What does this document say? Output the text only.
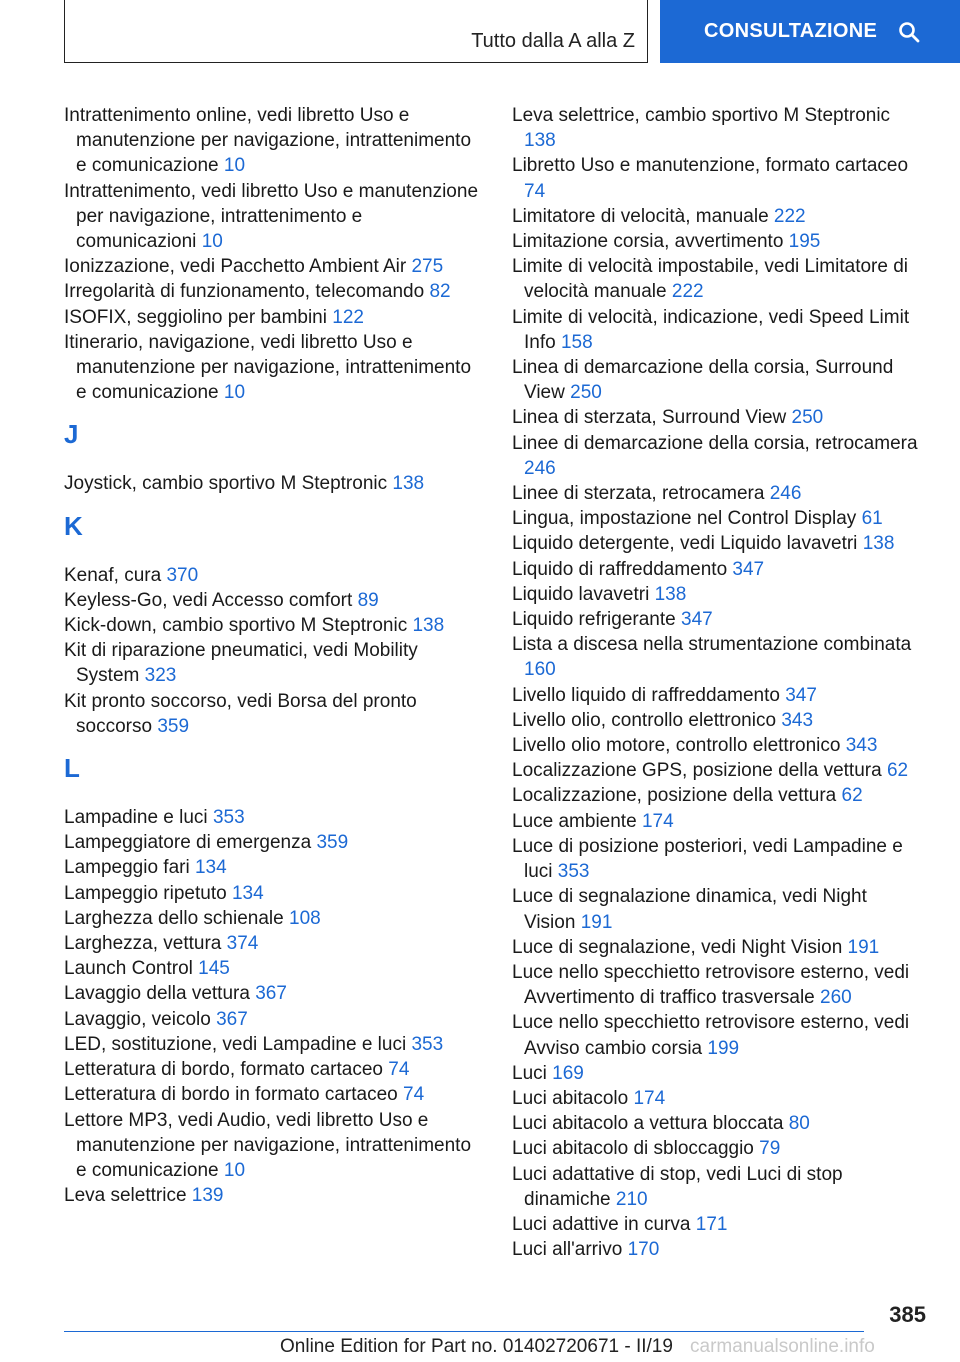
Tutto dalla A alla Z	CONSULTAZIONE
Intrattenimento online, vedi libretto Uso e manutenzione per navigazione, intrattenimento e comunicazione 10
Intrattenimento, vedi libretto Uso e manutenzione per navigazione, intrattenimento e comunicazioni 10
Ionizzazione, vedi Pacchetto Ambient Air 275
Irregolarità di funzionamento, telecomando 82
ISOFIX, seggiolino per bambini 122
Itinerario, navigazione, vedi libretto Uso e manutenzione per navigazione, intrattenimento e comunicazione 10
J
Joystick, cambio sportivo M Steptronic 138
K
Kenaf, cura 370
Keyless-Go, vedi Accesso comfort 89
Kick-down, cambio sportivo M Steptronic 138
Kit di riparazione pneumatici, vedi Mobility System 323
Kit pronto soccorso, vedi Borsa del pronto soccorso 359
L
Lampadine e luci 353
Lampeggiatore di emergenza 359
Lampeggio fari 134
Lampeggio ripetuto 134
Larghezza dello schienale 108
Larghezza, vettura 374
Launch Control 145
Lavaggio della vettura 367
Lavaggio, veicolo 367
LED, sostituzione, vedi Lampadine e luci 353
Letteratura di bordo, formato cartaceo 74
Letteratura di bordo in formato cartaceo 74
Lettore MP3, vedi Audio, vedi libretto Uso e manutenzione per navigazione, intrattenimento e comunicazione 10
Leva selettrice 139
Leva selettrice, cambio sportivo M Steptronic 138
Libretto Uso e manutenzione, formato cartaceo 74
Limitatore di velocità, manuale 222
Limitazione corsia, avvertimento 195
Limite di velocità impostabile, vedi Limitatore di velocità manuale 222
Limite di velocità, indicazione, vedi Speed Limit Info 158
Linea di demarcazione della corsia, Surround View 250
Linea di sterzata, Surround View 250
Linee di demarcazione della corsia, retrocamera 246
Linee di sterzata, retrocamera 246
Lingua, impostazione nel Control Display 61
Liquido detergente, vedi Liquido lavavetri 138
Liquido di raffreddamento 347
Liquido lavavetri 138
Liquido refrigerante 347
Lista a discesa nella strumentazione combinata 160
Livello liquido di raffreddamento 347
Livello olio, controllo elettronico 343
Livello olio motore, controllo elettronico 343
Localizzazione GPS, posizione della vettura 62
Localizzazione, posizione della vettura 62
Luce ambiente 174
Luce di posizione posteriori, vedi Lampadine e luci 353
Luce di segnalazione dinamica, vedi Night Vision 191
Luce di segnalazione, vedi Night Vision 191
Luce nello specchietto retrovisore esterno, vedi Avvertimento di traffico trasversale 260
Luce nello specchietto retrovisore esterno, vedi Avviso cambio corsia 199
Luci 169
Luci abitacolo 174
Luci abitacolo a vettura bloccata 80
Luci abitacolo di sbloccaggio 79
Luci adattative di stop, vedi Luci di stop dinamiche 210
Luci adattive in curva 171
Luci all'arrivo 170
385
Online Edition for Part no. 01402720671 - II/19 carmanualsonline.info
